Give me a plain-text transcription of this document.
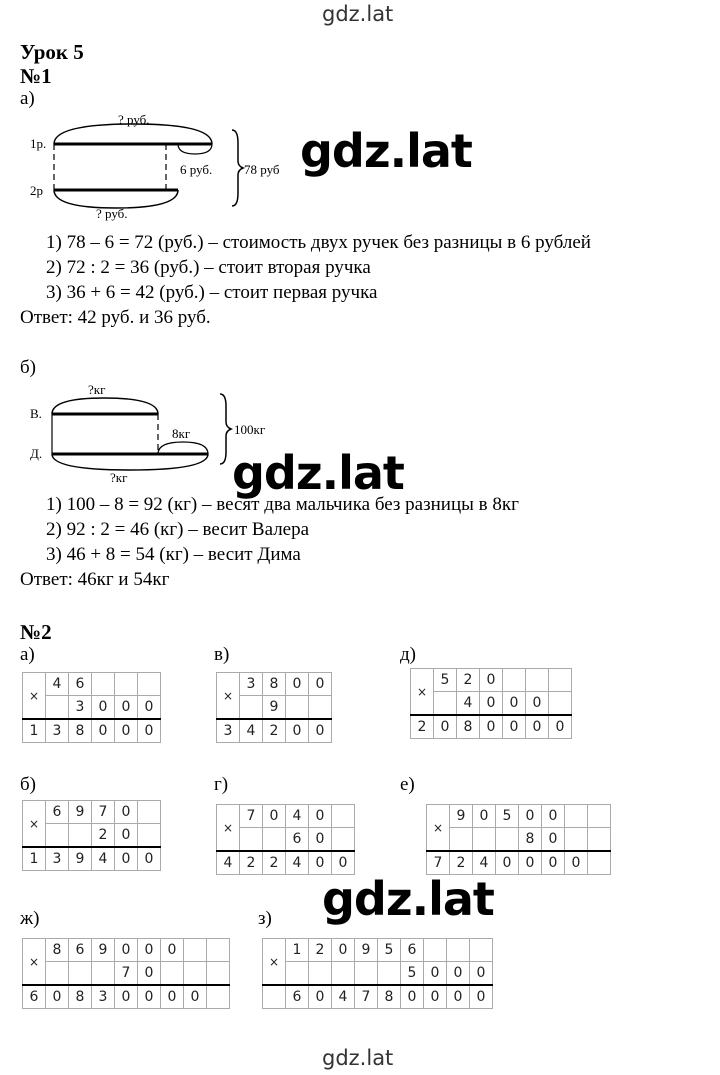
gdz.lat
Урок 5
№1
а)
1р.
2р
? руб.
6 руб. 78 руб
? руб.
gdz.lat
1) 78 – 6 = 72 (руб.) – стоимость двух ручек без разницы в 6 рублей
2) 72 : 2 = 36 (руб.) – стоит вторая ручка
3) 36 + 6 = 42 (руб.) – стоит первая ручка
Ответ: 42 руб. и 36 руб.
б)
В.
Д.
?кг
8кг	100кг
?кг gdz.lat
1) 100 – 8 = 92 (кг) – весят два мальчика без разницы в 8кг
2) 92 : 2 = 46 (кг) – весит Валера
3) 46 + 8 = 54 (кг) – весит Дима
Ответ: 46кг и 54кг
№2
а)	в)	д)
б)	г)	е)
ж)	з)
×	4	6			
		3	0	0	0
1	3	8	0	0	0
×	3	8	0	0
		9		
3	4	2	0	0
×	5	2	0			
		4	0	0	0	
2	0	8	0	0	0	0
×	6	9	7	0	
			2	0	
1	3	9	4	0	0
×	7	0	4	0	
			6	0	
4	2	2	4	0	0
×	9	0	5	0	0		
				8	0		
7	2	4	0	0	0	0	
×	8	6	9	0	0	0		
				7	0			
6	0	8	3	0	0	0	0	
×	1	2	0	9	5	6			
						5	0	0	0
	6	0	4	7	8	0	0	0	0
gdz.lat
gdz.lat
